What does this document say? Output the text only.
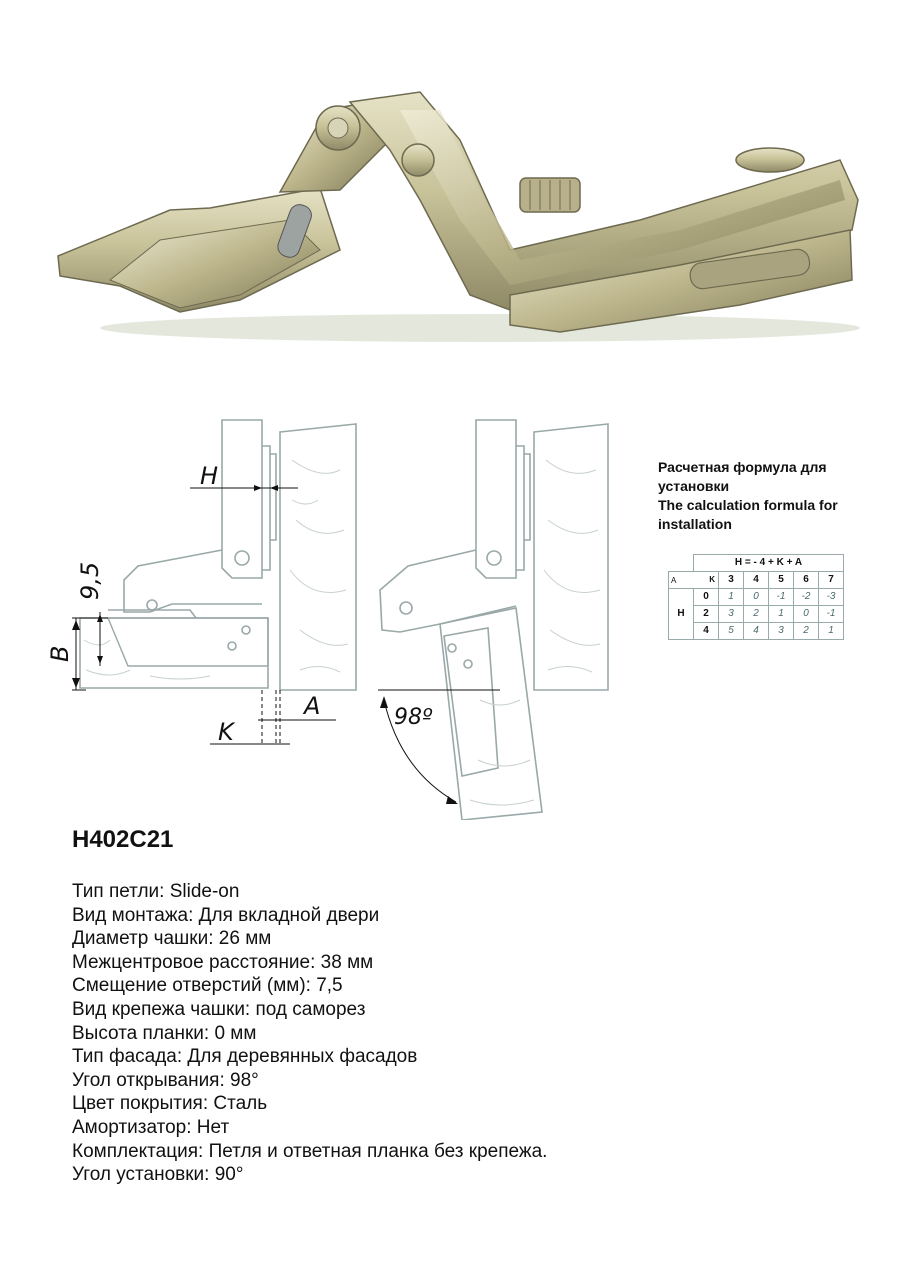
H
B
9,5
A
K
98º
Расчетная формула для
установки
The calculation formula for
installation
	H = - 4 + K + A					

A K		3	4	5	6	7
H	0	1	0	-1	-2	-3
	2	3	2	1	0	-1
	4	5	4	3	2	1
H402C21
Тип петли: Slide-on
Вид монтажа: Для вкладной двери
Диаметр чашки: 26 мм
Межцентровое расстояние: 38 мм
Смещение отверстий (мм): 7,5
Вид крепежа чашки: под саморез
Высота планки: 0 мм
Тип фасада: Для деревянных фасадов
Угол открывания: 98°
Цвет покрытия: Сталь
Амортизатор: Нет
Комплектация: Петля и ответная планка без крепежа.
Угол установки: 90°
